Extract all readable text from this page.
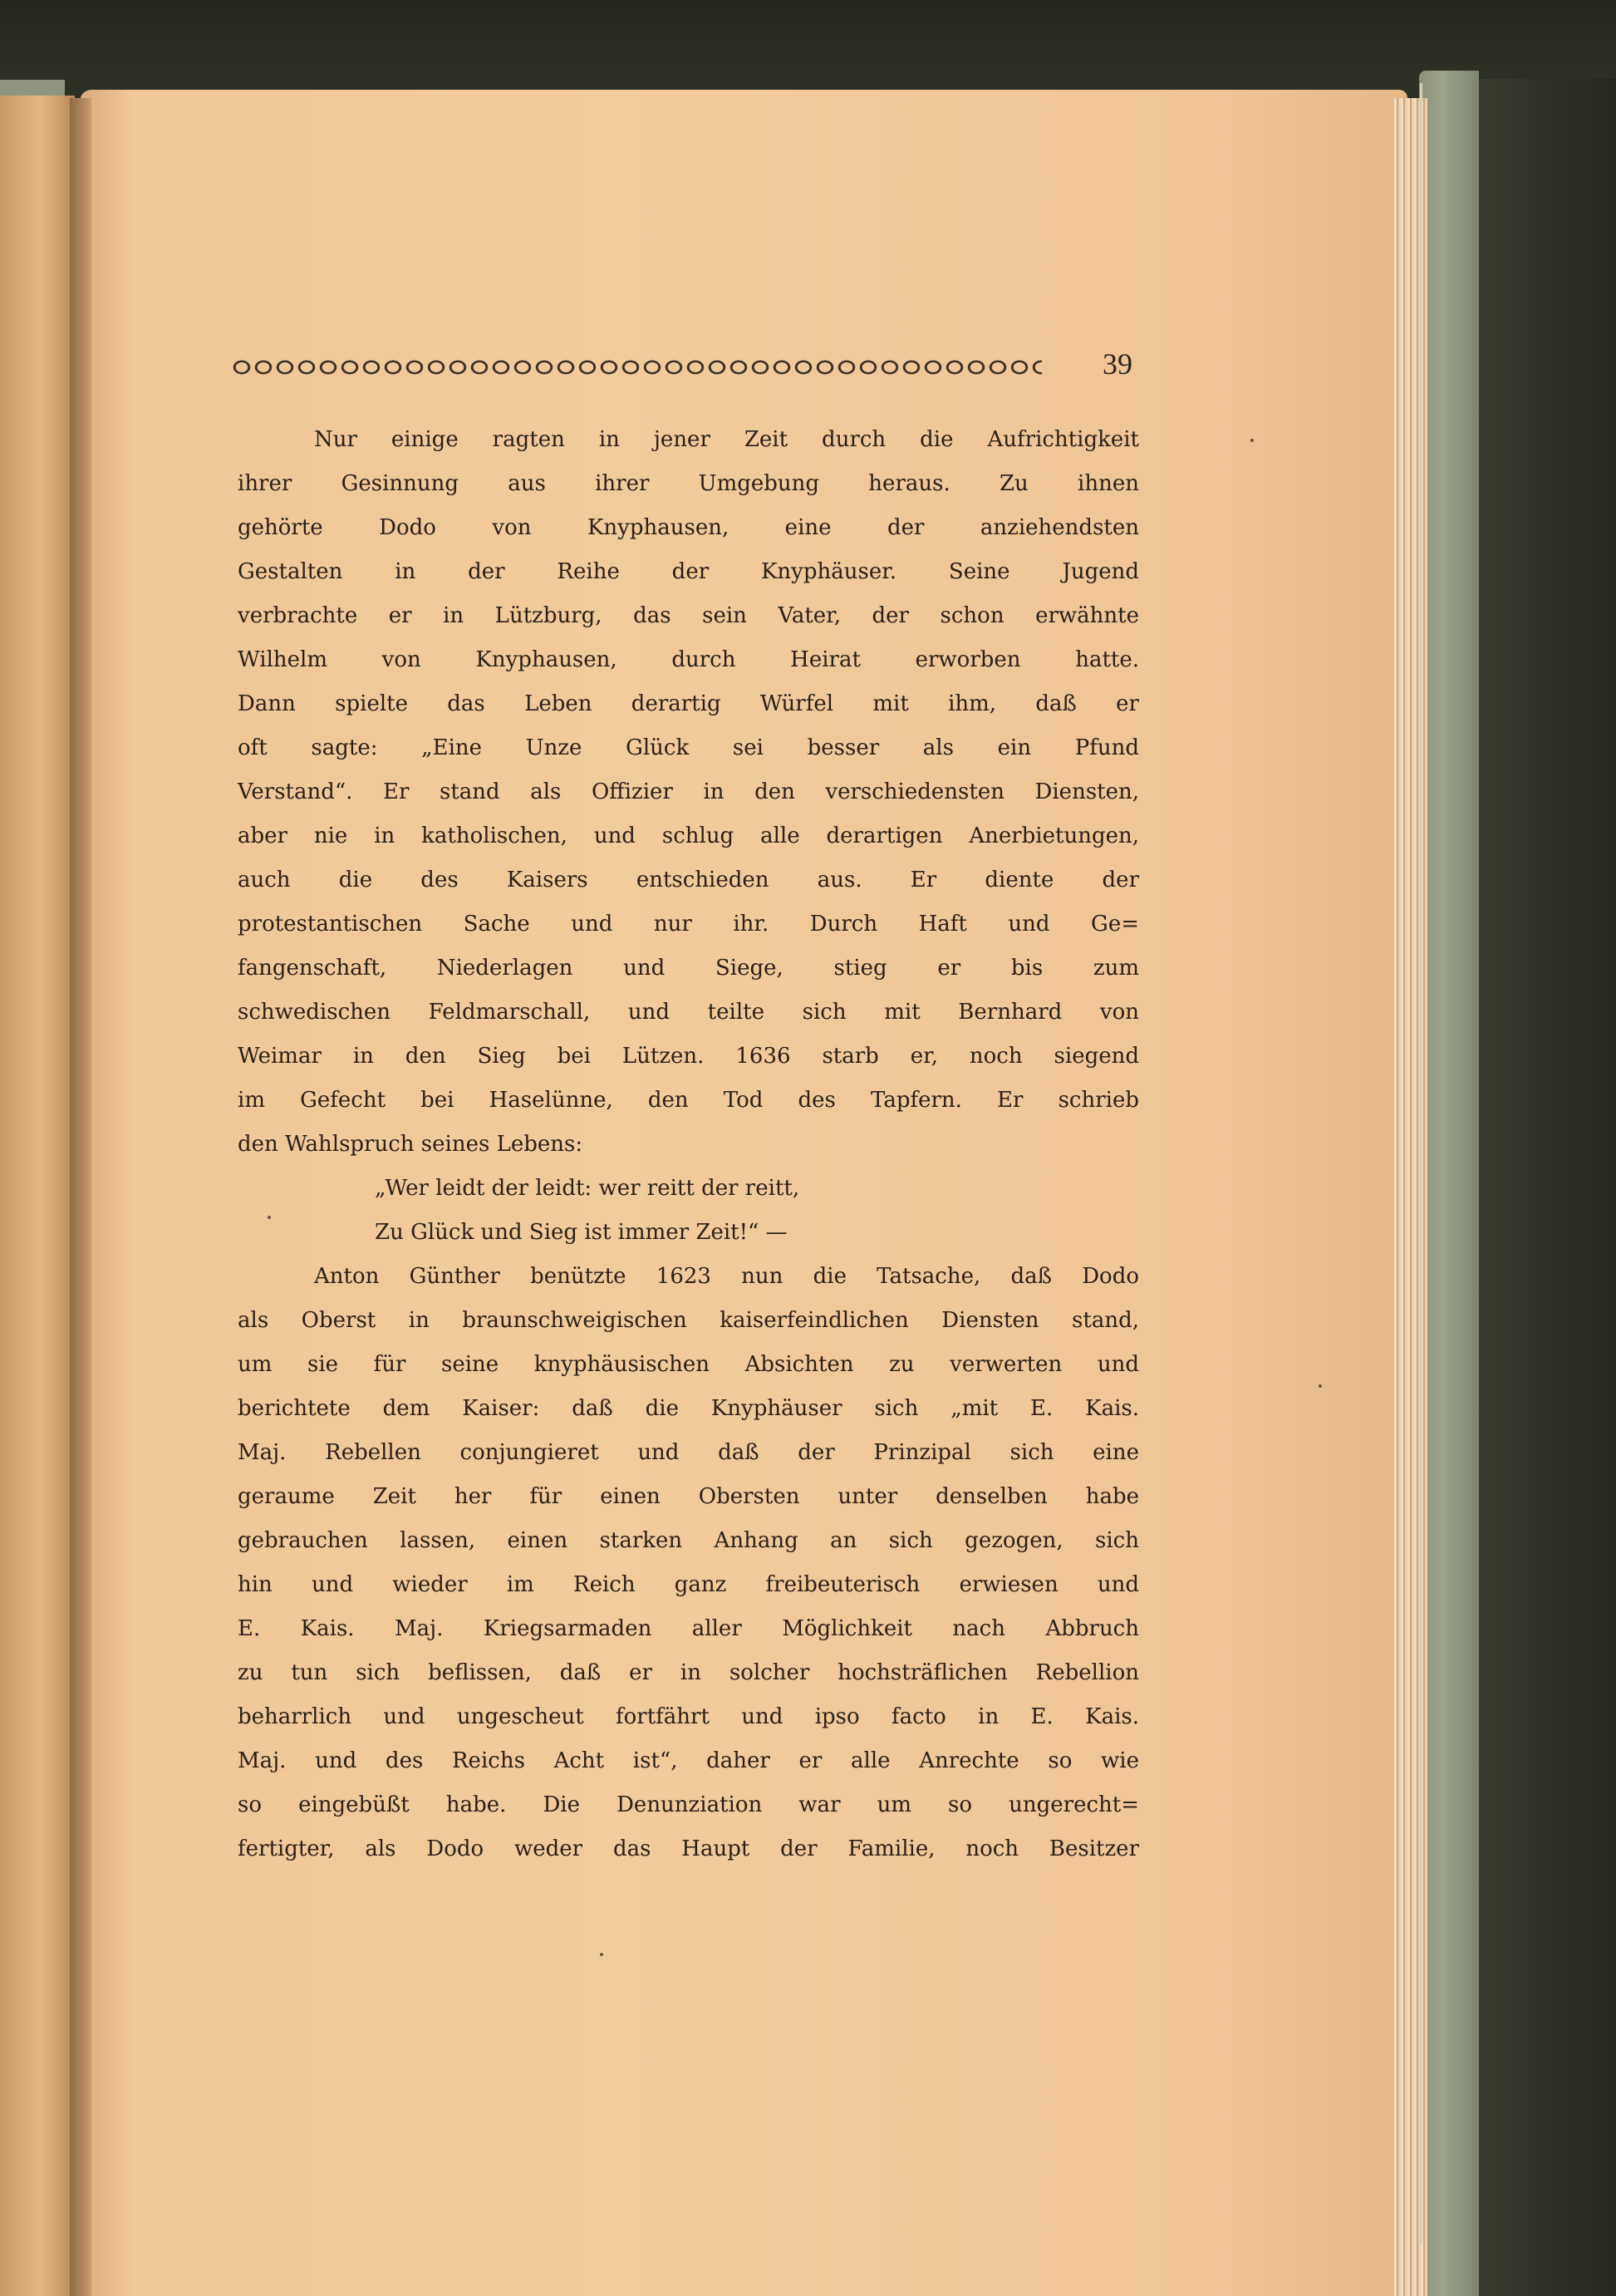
39
Nur einige ragten in jener Zeit durch die Aufrichtigkeit
ihrer Gesinnung aus ihrer Umgebung heraus. Zu ihnen
gehörte Dodo von Knyphausen, eine der anziehendsten
Gestalten in der Reihe der Knyphäuser. Seine Jugend
verbrachte er in Lützburg, das sein Vater, der schon erwähnte
Wilhelm von Knyphausen, durch Heirat erworben hatte.
Dann spielte das Leben derartig Würfel mit ihm, daß er
oft sagte: „Eine Unze Glück sei besser als ein Pfund
Verstand“. Er stand als Offizier in den verschiedensten Diensten,
aber nie in katholischen, und schlug alle derartigen Anerbietungen,
auch die des Kaisers entschieden aus. Er diente der
protestantischen Sache und nur ihr. Durch Haft und Ge=
fangenschaft, Niederlagen und Siege, stieg er bis zum
schwedischen Feldmarschall, und teilte sich mit Bernhard von
Weimar in den Sieg bei Lützen. 1636 starb er, noch siegend
im Gefecht bei Haselünne, den Tod des Tapfern. Er schrieb
den Wahlspruch seines Lebens:
„Wer leidt der leidt: wer reitt der reitt,
Zu Glück und Sieg ist immer Zeit!“ —
Anton Günther benützte 1623 nun die Tatsache, daß Dodo
als Oberst in braunschweigischen kaiserfeindlichen Diensten stand,
um sie für seine knyphäusischen Absichten zu verwerten und
berichtete dem Kaiser: daß die Knyphäuser sich „mit E. Kais.
Maj. Rebellen conjungieret und daß der Prinzipal sich eine
geraume Zeit her für einen Obersten unter denselben habe
gebrauchen lassen, einen starken Anhang an sich gezogen, sich
hin und wieder im Reich ganz freibeuterisch erwiesen und
E. Kais. Maj. Kriegsarmaden aller Möglichkeit nach Abbruch
zu tun sich beflissen, daß er in solcher hochsträflichen Rebellion
beharrlich und ungescheut fortfährt und ipso facto in E. Kais.
Maj. und des Reichs Acht ist“, daher er alle Anrechte so wie
so eingebüßt habe. Die Denunziation war um so ungerecht=
fertigter, als Dodo weder das Haupt der Familie, noch Besitzer
